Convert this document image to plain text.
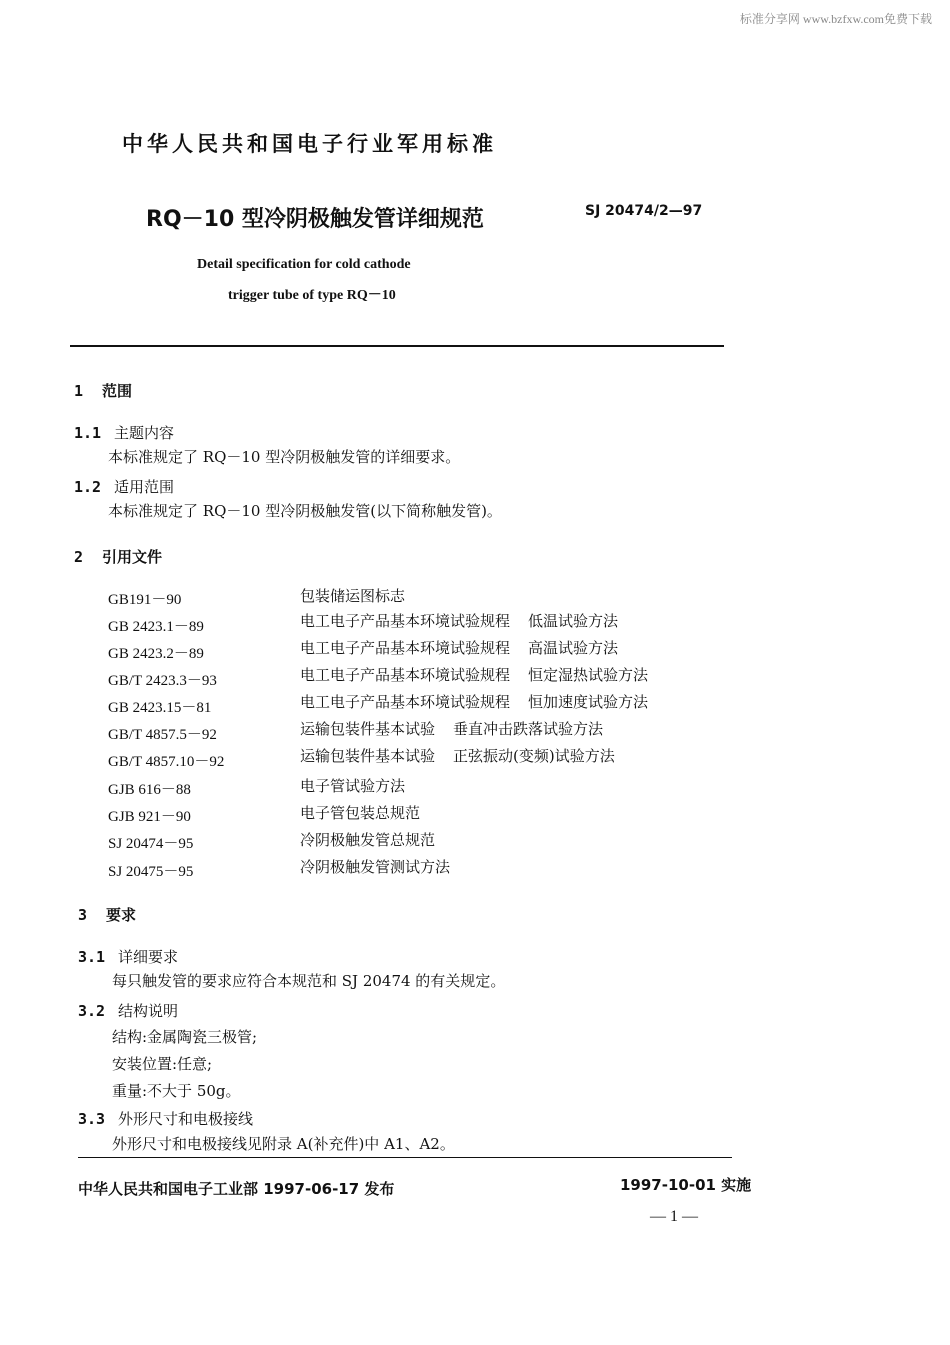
标准分享网 www.bzfxw.com免费下载
中华人民共和国电子行业军用标准
RQ－10 型冷阴极触发管详细规范	SJ 20474/2—97
Detail specification for cold cathode
trigger tube of type RQ－10
1 范围
1.1 主题内容
本标准规定了 RQ－10 型冷阴极触发管的详细要求。
1.2 适用范围
本标准规定了 RQ－10 型冷阴极触发管(以下简称触发管)。
2 引用文件
GB191－90	包装储运图标志
GB 2423.1－89	电工电子产品基本环境试验规程 低温试验方法
GB 2423.2－89	电工电子产品基本环境试验规程 高温试验方法
GB/T 2423.3－93	电工电子产品基本环境试验规程 恒定湿热试验方法
GB 2423.15－81	电工电子产品基本环境试验规程 恒加速度试验方法
GB/T 4857.5－92	运输包装件基本试验 垂直冲击跌落试验方法
GB/T 4857.10－92	运输包装件基本试验 正弦振动(变频)试验方法
GJB 616－88	电子管试验方法
GJB 921－90	电子管包装总规范
SJ 20474－95	冷阴极触发管总规范
SJ 20475－95	冷阴极触发管测试方法
3 要求
3.1 详细要求
每只触发管的要求应符合本规范和 SJ 20474 的有关规定。
3.2 结构说明
结构:金属陶瓷三极管;
安装位置:任意;
重量:不大于 50g。
3.3 外形尺寸和电极接线
外形尺寸和电极接线见附录 A(补充件)中 A1、A2。
中华人民共和国电子工业部 1997-06-17 发布	1997-10-01 实施
— 1 —
